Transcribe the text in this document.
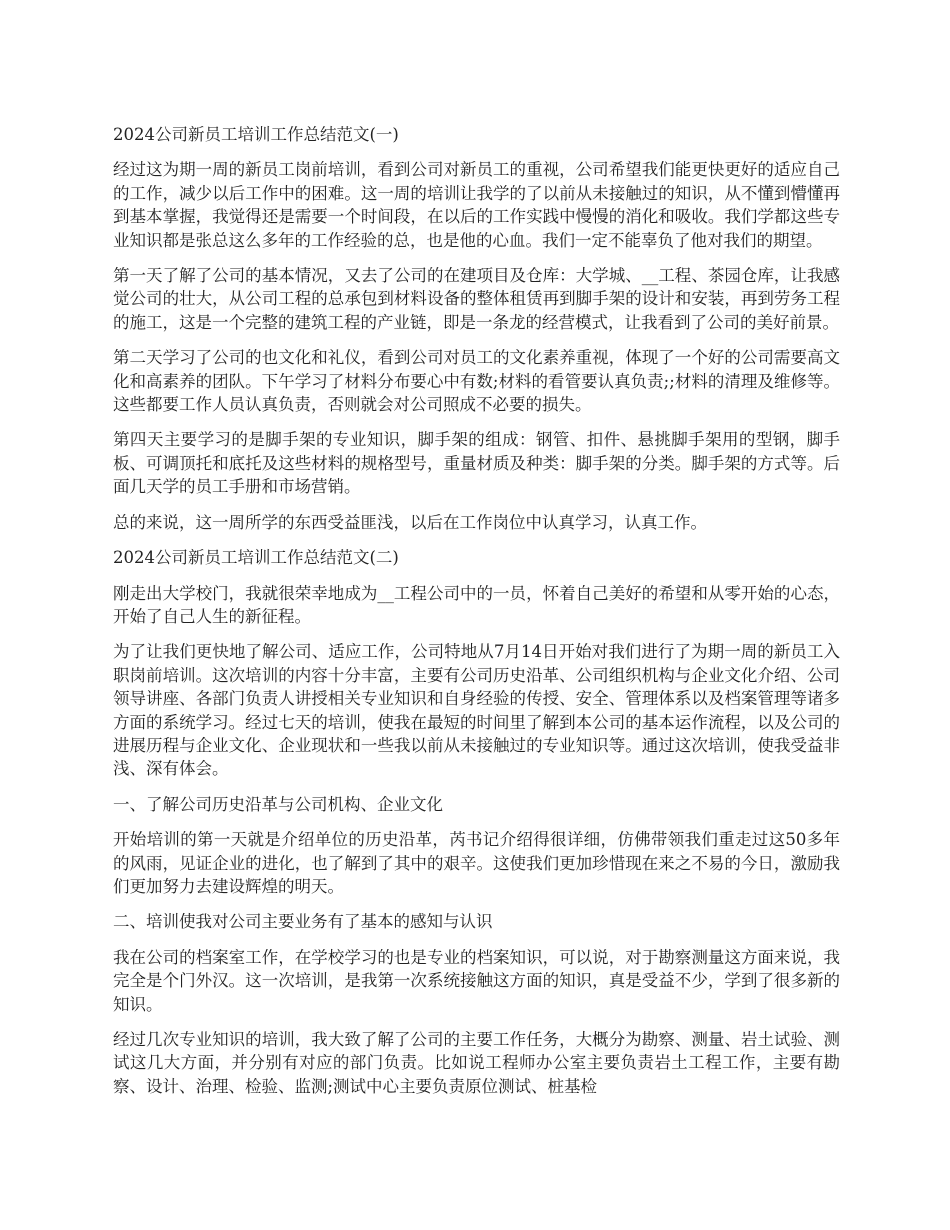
2024公司新员工培训工作总结范文(一)
经过这为期一周的新员工岗前培训，看到公司对新员工的重视，公司希望我们能更快更好的适应自己的工作，减少以后工作中的困难。这一周的培训让我学的了以前从未接触过的知识，从不懂到懵懂再到基本掌握，我觉得还是需要一个时间段，在以后的工作实践中慢慢的消化和吸收。我们学都这些专业知识都是张总这么多年的工作经验的总，也是他的心血。我们一定不能辜负了他对我们的期望。
第一天了解了公司的基本情况，又去了公司的在建项目及仓库：大学城、__工程、茶园仓库，让我感觉公司的壮大，从公司工程的总承包到材料设备的整体租赁再到脚手架的设计和安装，再到劳务工程的施工，这是一个完整的建筑工程的产业链，即是一条龙的经营模式，让我看到了公司的美好前景。
第二天学习了公司的也文化和礼仪，看到公司对员工的文化素养重视，体现了一个好的公司需要高文化和高素养的团队。下午学习了材料分布要心中有数;材料的看管要认真负责;;材料的清理及维修等。这些都要工作人员认真负责，否则就会对公司照成不必要的损失。
第四天主要学习的是脚手架的专业知识，脚手架的组成：钢管、扣件、悬挑脚手架用的型钢，脚手板、可调顶托和底托及这些材料的规格型号，重量材质及种类：脚手架的分类。脚手架的方式等。后面几天学的员工手册和市场营销。
总的来说，这一周所学的东西受益匪浅，以后在工作岗位中认真学习，认真工作。
2024公司新员工培训工作总结范文(二)
刚走出大学校门，我就很荣幸地成为__工程公司中的一员，怀着自己美好的希望和从零开始的心态，开始了自己人生的新征程。
为了让我们更快地了解公司、适应工作，公司特地从7月14日开始对我们进行了为期一周的新员工入职岗前培训。这次培训的内容十分丰富，主要有公司历史沿革、公司组织机构与企业文化介绍、公司领导讲座、各部门负责人讲授相关专业知识和自身经验的传授、安全、管理体系以及档案管理等诸多方面的系统学习。经过七天的培训，使我在最短的时间里了解到本公司的基本运作流程，以及公司的进展历程与企业文化、企业现状和一些我以前从未接触过的专业知识等。通过这次培训，使我受益非浅、深有体会。
一、了解公司历史沿革与公司机构、企业文化
开始培训的第一天就是介绍单位的历史沿革，芮书记介绍得很详细，仿佛带领我们重走过这50多年的风雨，见证企业的进化，也了解到了其中的艰辛。这使我们更加珍惜现在来之不易的今日，激励我们更加努力去建设辉煌的明天。
二、培训使我对公司主要业务有了基本的感知与认识
我在公司的档案室工作，在学校学习的也是专业的档案知识，可以说，对于勘察测量这方面来说，我完全是个门外汉。这一次培训，是我第一次系统接触这方面的知识，真是受益不少，学到了很多新的知识。
经过几次专业知识的培训，我大致了解了公司的主要工作任务，大概分为勘察、测量、岩土试验、测试这几大方面，并分别有对应的部门负责。比如说工程师办公室主要负责岩土工程工作，主要有勘察、设计、治理、检验、监测;测试中心主要负责原位测试、桩基检
